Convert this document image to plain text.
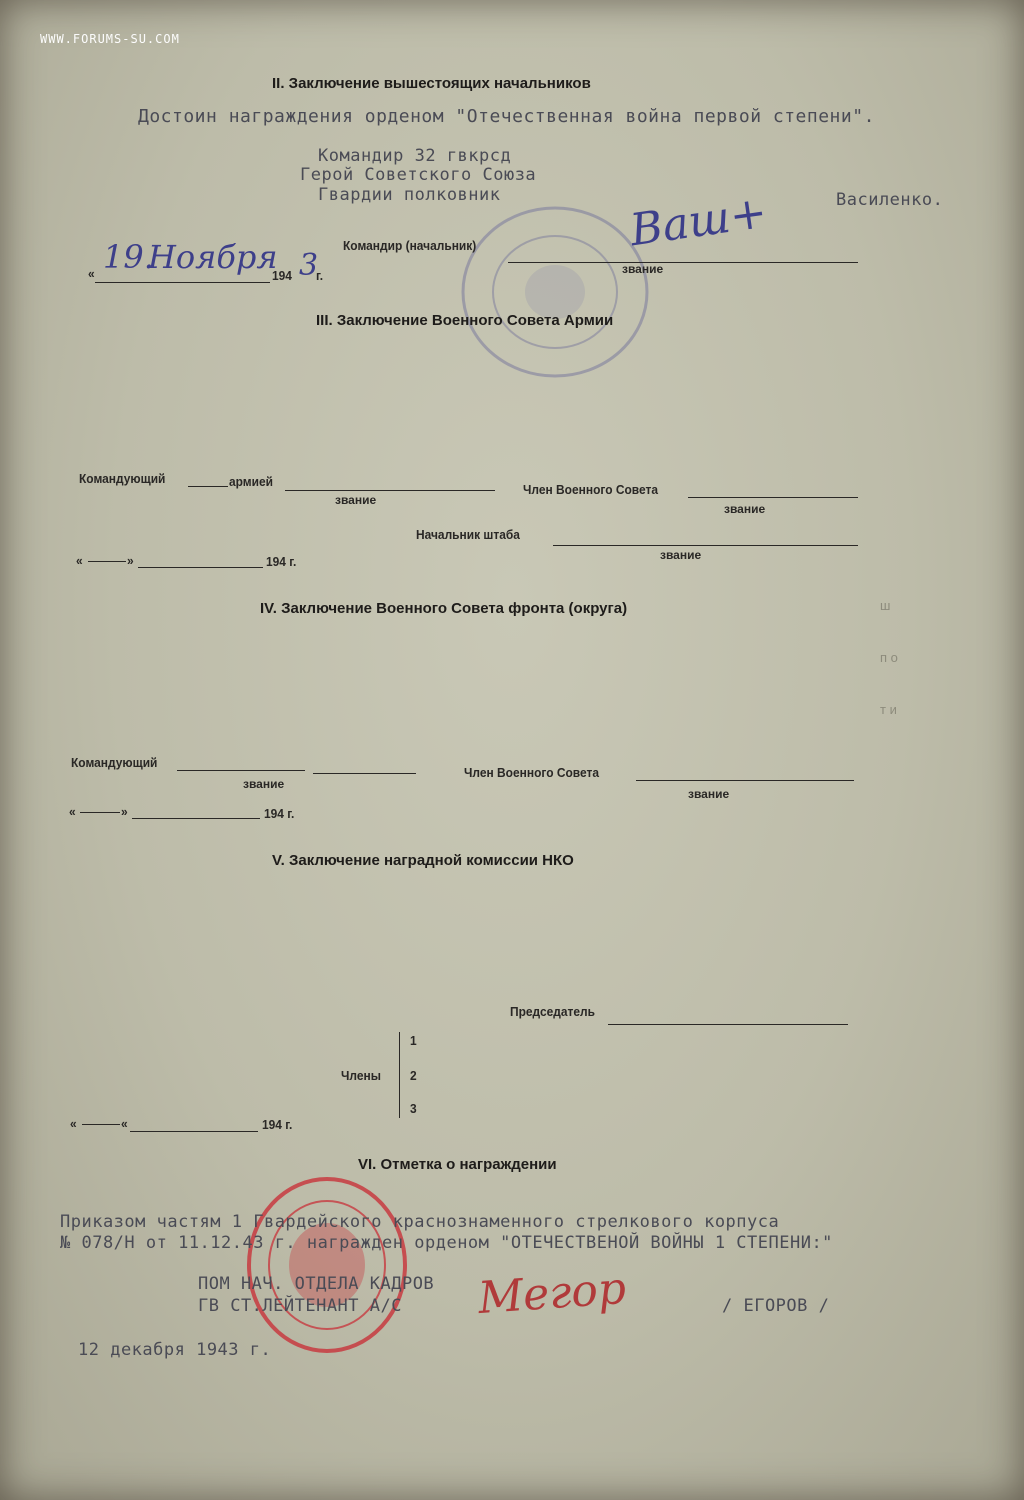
WWW.FORUMS-SU.COM
II. Заключение вышестоящих начальников
Достоин награждения орденом "Отечественная война первой степени".
Командир 32 гвкрсд
Герой Советского Союза
Гвардии полковник	Василенко.
Командир (начальник)
звание
Ваш+
« 19.
Ноября
194 3
г.
III. Заключение Военного Совета Армии
Командующий	армией
звание
Член Военного Совета
звание
Начальник штаба
звание
«	»	194 г.
IV. Заключение Военного Совета фронта (округа)
Командующий
звание
Член Военного Совета
звание
«	»	194 г.
V. Заключение наградной комиссии НКО
Председатель
Члены
1
2
3
«	«	194 г.
VI. Отметка о награждении
Приказом частям 1 Гвардейского краснознаменного стрелкового корпуса
№ 078/Н от 11.12.43 г. награжден орденом "ОТЕЧЕСТВЕНОЙ ВОЙНЫ 1 СТЕПЕНИ:"
ПОМ НАЧ. ОТДЕЛА КАДРОВ
ГВ СТ.ЛЕЙТЕНАНТ А/С	/ ЕГОРОВ /
Мегор
12 декабря 1943 г.
ш п о т и
